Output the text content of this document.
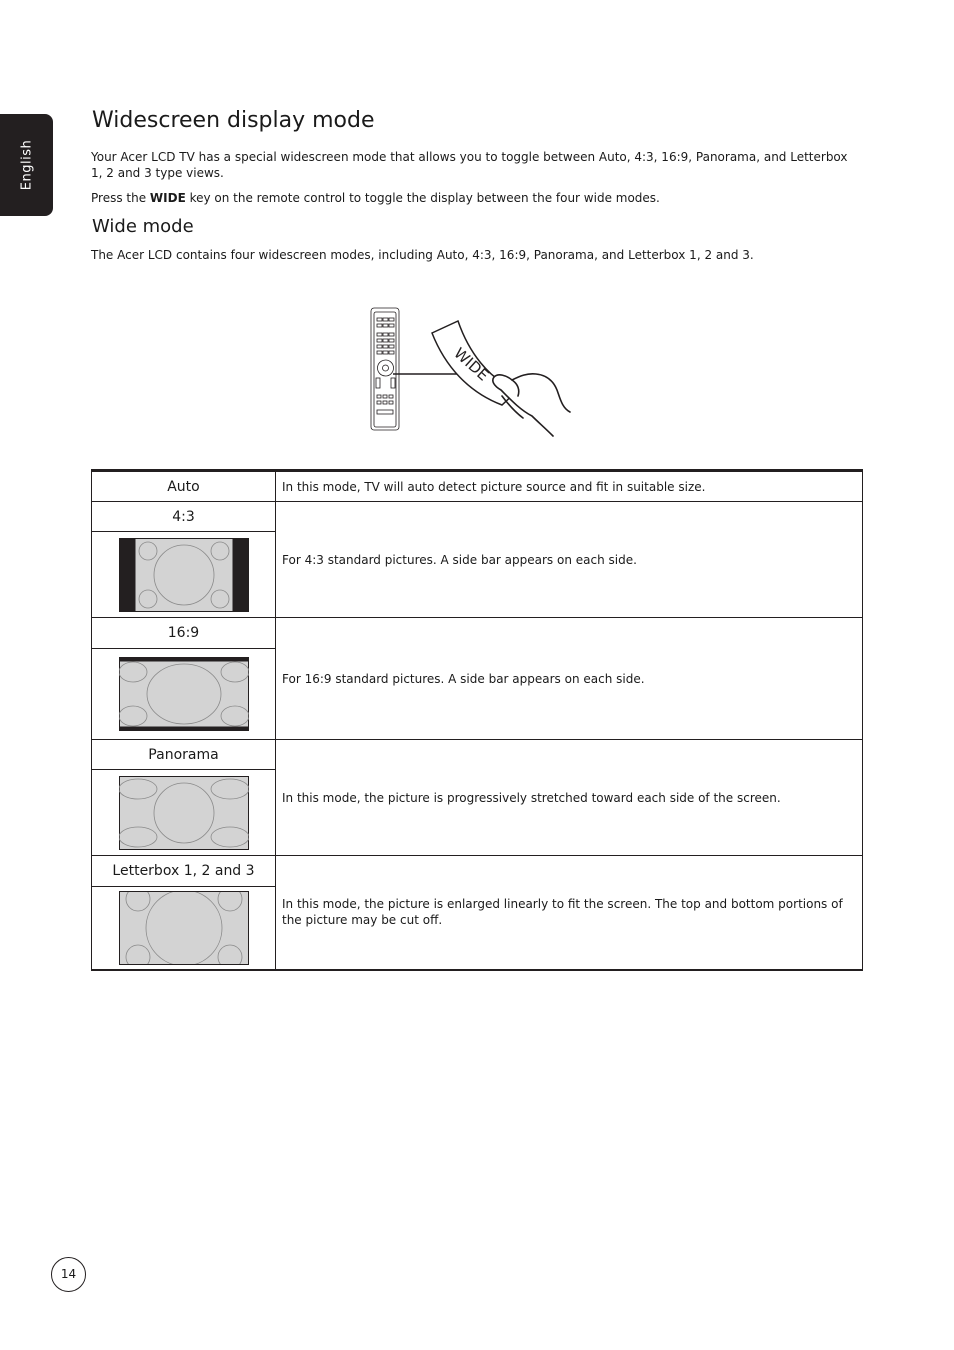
English
Widescreen display mode

Your Acer LCD TV has a special widescreen mode that allows you to toggle between Auto, 4:3, 16:9, Panorama, and Letterbox 1, 2 and 3 type views.

Press the WIDE key on the remote control to toggle the display between the four wide modes.

Wide mode

The Acer LCD contains four widescreen modes, including Auto, 4:3, 16:9, Panorama, and Letterbox 1, 2 and 3.

WIDE
Auto	In this mode, TV will auto detect picture source and fit in suitable size.
4:3	For 4:3 standard pictures. A side bar appears on each side.

16:9	For 16:9 standard pictures. A side bar appears on each side.

Panorama	In this mode, the picture is progressively stretched toward each side of the screen.

Letterbox 1, 2 and 3	In this mode, the picture is enlarged linearly to fit the screen. The top and bottom portions of the picture may be cut off.

14
